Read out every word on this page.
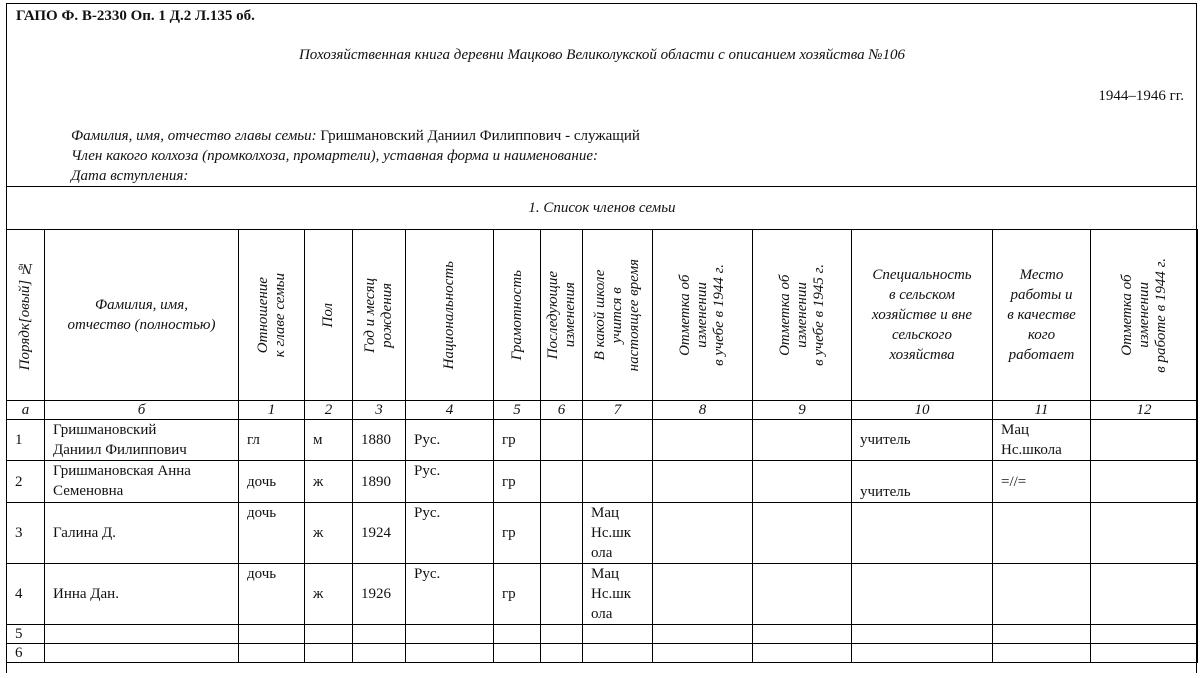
ГАПО Ф. В-2330 Оп. 1 Д.2 Л.135 об.
Похозяйственная книга деревни Мацково Великолукской области с описанием хозяйства №106
1944–1946 гг.
Фамилия, имя, отчество главы семьи: Гришмановский Даниил Филиппович - служащий
Член какого колхоза (промколхоза, промартели), уставная форма и наименование:
Дата вступления:
1. Список членов семьи
Порядк[овый] №	Фамилия, имя,
отчество (полностью)	Отношение
к главе семьи	Пол	Год и месяц
рождения	Национальность	Грамотность	Последующие
изменения	В какой школе
учится в
настоящее время	Отметка об
изменении
в учебе в 1944 г.	Отметка об
изменении
в учебе в 1945 г.	Специальность
в сельском
хозяйстве и вне
сельского
хозяйства	Место
работы и
в качестве
кого
работает	Отметка об
изменении
в работе в 1944 г.

а	б	1	2	3	4	5	6	7	8	9	10	11	12
1	Гришмановский
Даниил Филиппович	гл	м	1880	Рус.	гр					учитель	Мац
Нс.школа	
2	Гришмановская Анна
Семеновна	дочь	ж	1890	Рус.	гр					учитель	=//=	
3	Галина Д.	дочь	ж	1924	Рус.	гр		Мац
Нс.шк
ола					
4	Инна Дан.	дочь	ж	1926	Рус.	гр		Мац
Нс.шк
ола					
5													
6													
